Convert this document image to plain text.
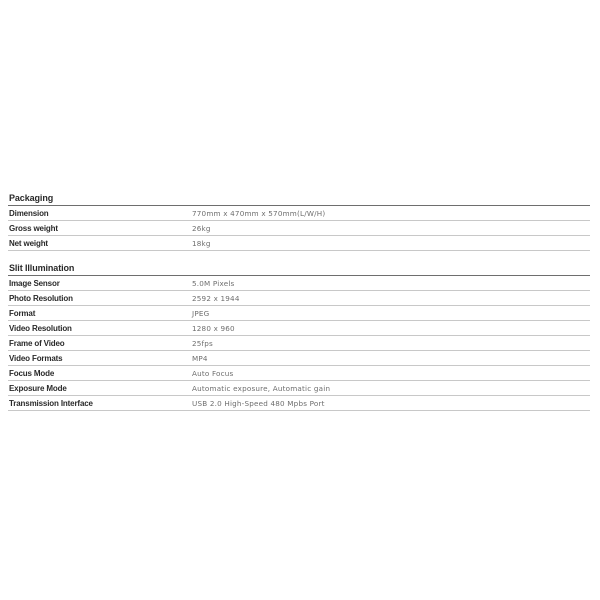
Packaging
Dimension	770mm x 470mm x 570mm(L/W/H)
Gross weight	26kg
Net weight	18kg
Slit Illumination
Image Sensor	5.0M Pixels
Photo Resolution	2592 x 1944
Format	JPEG
Video Resolution	1280 x 960
Frame of Video	25fps
Video Formats	MP4
Focus Mode	Auto Focus
Exposure Mode	Automatic exposure, Automatic gain
Transmission Interface	USB 2.0 High-Speed 480 Mpbs Port
